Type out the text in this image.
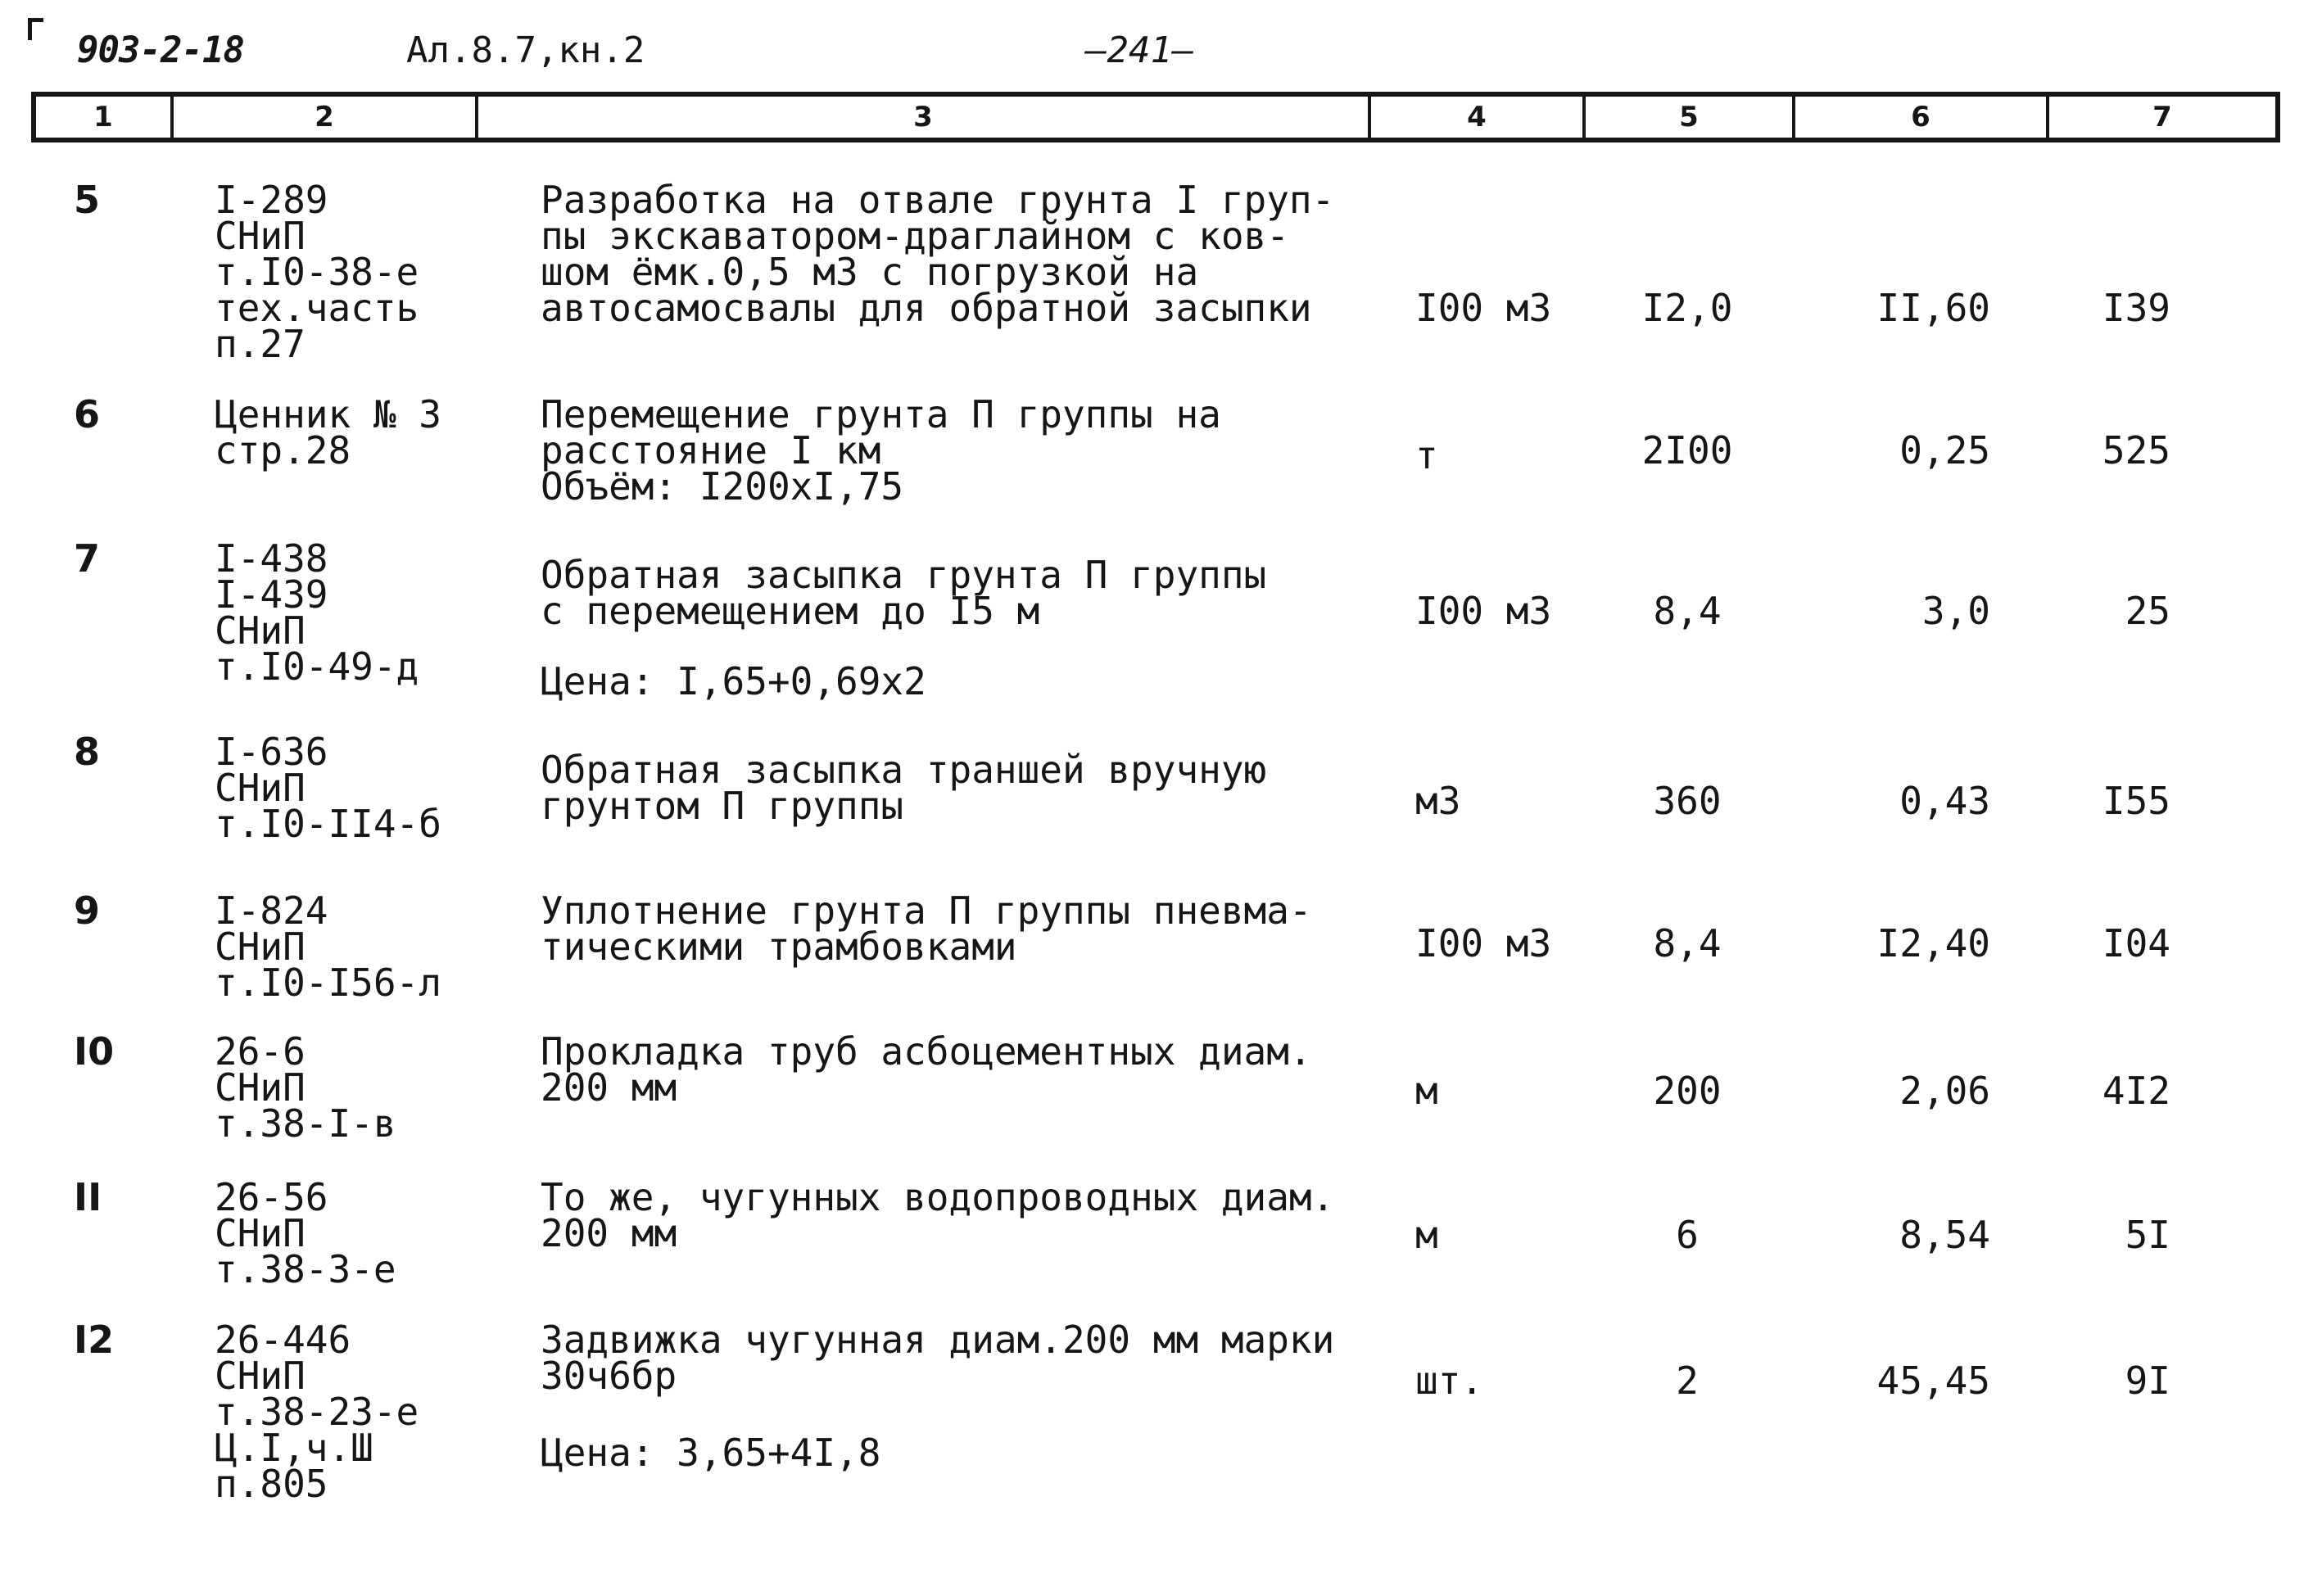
903-2-18	Ал.8.7,кн.2	—241—
1	2	3	4	5	6	7
5	I-289
СНиП
т.I0-38-е
тех.часть
п.27
Разработка на отвале грунта I груп-
пы экскаватором-драглайном с ков-
шом ёмк.0,5 м3 с погрузкой на
автосамосвалы для обратной засыпки	I00 м3	I2,0	II,60	I39
6	Ценник № 3
стр.28
Перемещение грунта П группы на
расстояние I км
Объём: I200хI,75
т	2I00	0,25	525
7	I-438
I-439
СНиП
т.I0-49-д
Обратная засыпка грунта П группы
с перемещением до I5 м
Цена: I,65+0,69х2
I00 м3	8,4	3,0	25
8	I-636
СНиП
т.I0-II4-б
Обратная засыпка траншей вручную
грунтом П группы	м3	360	0,43	I55
9	I-824
СНиП
т.I0-I56-л
Уплотнение грунта П группы пневма-
тическими трамбовками	I00 м3	8,4	I2,40	I04
I0	26-6
СНиП
т.38-I-в
Прокладка труб асбоцементных диам.
200 мм	м	200	2,06	4I2
II	26-56
СНиП
т.38-3-е
То же, чугунных водопроводных диам.
200 мм	м	6	8,54	5I
I2	26-446
СНиП
т.38-23-е
Ц.I,ч.Ш
п.805
Задвижка чугунная диам.200 мм марки
30ч6бр
Цена: 3,65+4I,8
шт.	2	45,45	9I
